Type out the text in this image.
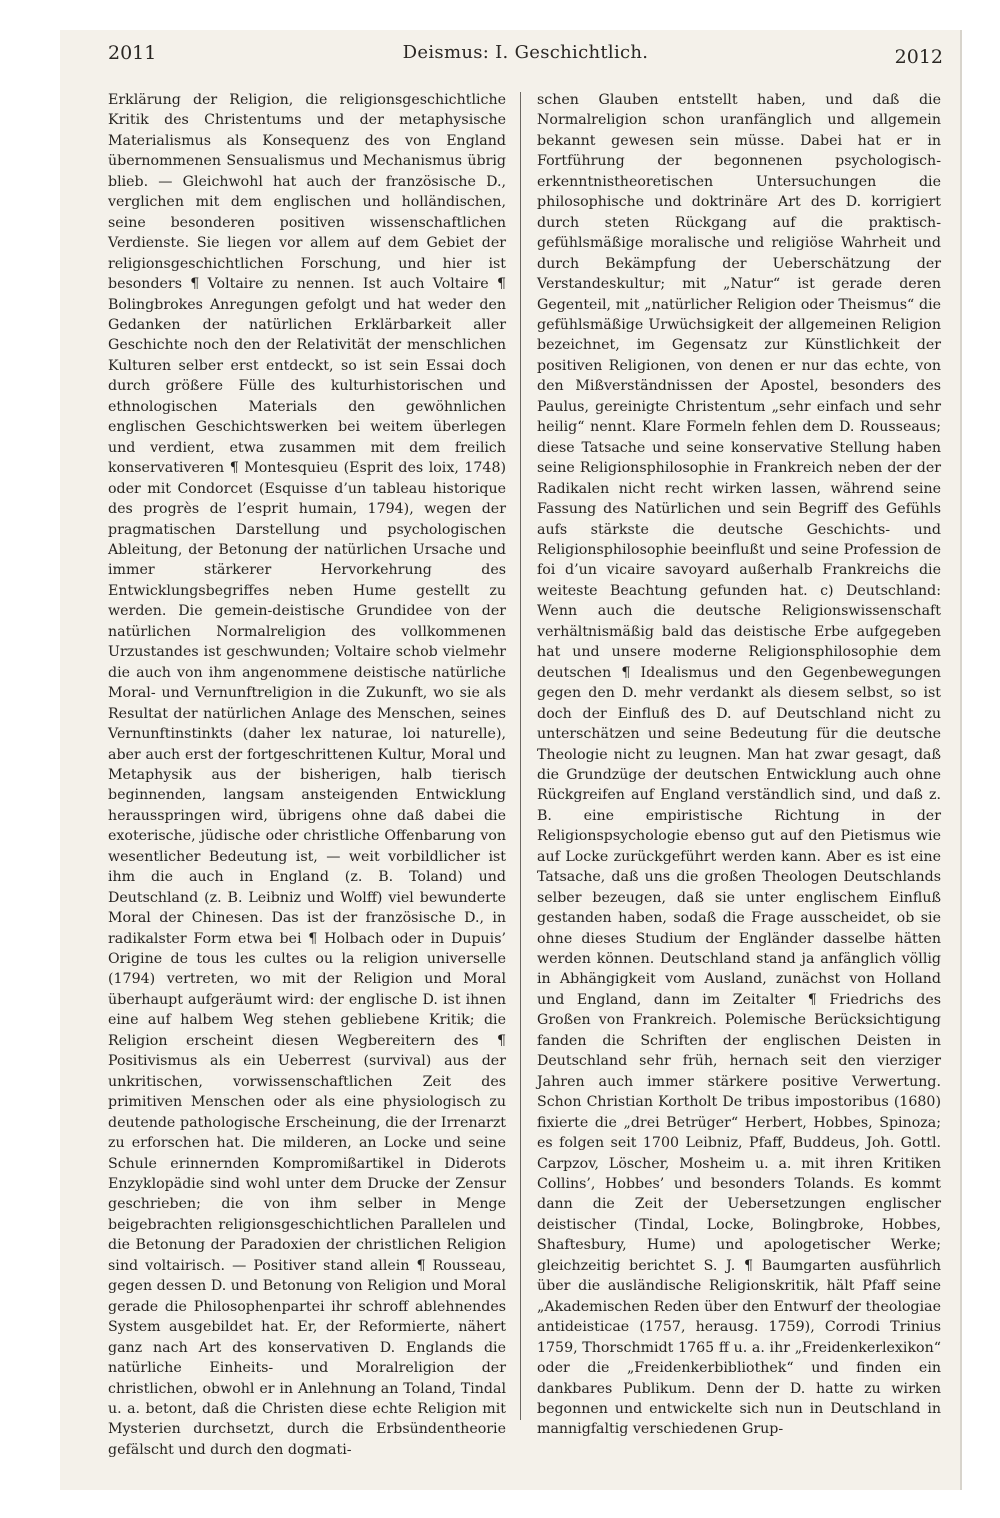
2011	Deismus: I. Geschichtlich.	2012

Erklärung der Religion, die religionsgeschichtliche Kritik des Christentums und der metaphysische Materialismus als Konsequenz des von England übernommenen Sensualismus und Mechanismus übrig blieb. — Gleichwohl hat auch der französische D., verglichen mit dem englischen und holländischen, seine besonderen positiven wissenschaftlichen Verdienste. Sie liegen vor allem auf dem Gebiet der religionsgeschichtlichen Forschung, und hier ist besonders ¶ Voltaire zu nennen. Ist auch Voltaire ¶ Bolingbrokes Anregungen gefolgt und hat weder den Gedanken der natürlichen Erklärbarkeit aller Geschichte noch den der Relativität der menschlichen Kulturen selber erst entdeckt, so ist sein Essai doch durch größere Fülle des kulturhistorischen und ethnologischen Materials den gewöhnlichen englischen Geschichtswerken bei weitem überlegen und verdient, etwa zusammen mit dem freilich konservativeren ¶ Montesquieu (Esprit des loix, 1748) oder mit Condorcet (Esquisse d’un tableau historique des progrès de l’esprit humain, 1794), wegen der pragmatischen Darstellung und psychologischen Ableitung, der Betonung der natürlichen Ursache und immer stärkerer Hervorkehrung des Entwicklungsbegriffes neben Hume gestellt zu werden. Die gemein-deistische Grundidee von der natürlichen Normalreligion des vollkommenen Urzustandes ist geschwunden; Voltaire schob vielmehr die auch von ihm angenommene deistische natürliche Moral- und Vernunftreligion in die Zukunft, wo sie als Resultat der natürlichen Anlage des Menschen, seines Vernunftinstinkts (daher lex naturae, loi naturelle), aber auch erst der fortgeschrittenen Kultur, Moral und Metaphysik aus der bisherigen, halb tierisch beginnenden, langsam ansteigenden Entwicklung herausspringen wird, übrigens ohne daß dabei die exoterische, jüdische oder christliche Offenbarung von wesentlicher Bedeutung ist, — weit vorbildlicher ist ihm die auch in England (z. B. Toland) und Deutschland (z. B. Leibniz und Wolff) viel bewunderte Moral der Chinesen. Das ist der französische D., in radikalster Form etwa bei ¶ Holbach oder in Dupuis’ Origine de tous les cultes ou la religion universelle (1794) vertreten, wo mit der Religion und Moral überhaupt aufgeräumt wird: der englische D. ist ihnen eine auf halbem Weg stehen gebliebene Kritik; die Religion erscheint diesen Wegbereitern des ¶ Positivismus als ein Ueberrest (survival) aus der unkritischen, vorwissenschaftlichen Zeit des primitiven Menschen oder als eine physiologisch zu deutende pathologische Erscheinung, die der Irrenarzt zu erforschen hat. Die milderen, an Locke und seine Schule erinnernden Kompromißartikel in Diderots Enzyklopädie sind wohl unter dem Drucke der Zensur geschrieben; die von ihm selber in Menge beigebrachten religionsgeschichtlichen Parallelen und die Betonung der Paradoxien der christlichen Religion sind voltairisch. — Positiver stand allein ¶ Rousseau, gegen dessen D. und Betonung von Religion und Moral gerade die Philosophenpartei ihr schroff ablehnendes System ausgebildet hat. Er, der Reformierte, nähert ganz nach Art des konservativen D. Englands die natürliche Einheits- und Moralreligion der christlichen, obwohl er in Anlehnung an Toland, Tindal u. a. betont, daß die Christen diese echte Religion mit Mysterien durchsetzt, durch die Erbsündentheorie gefälscht und durch den dogmati-

schen Glauben entstellt haben, und daß die Normalreligion schon uranfänglich und allgemein bekannt gewesen sein müsse. Dabei hat er in Fortführung der begonnenen psychologisch-erkenntnistheoretischen Untersuchungen die philosophische und doktrinäre Art des D. korrigiert durch steten Rückgang auf die praktisch-gefühlsmäßige moralische und religiöse Wahrheit und durch Bekämpfung der Ueberschätzung der Verstandeskultur; mit „Natur“ ist gerade deren Gegenteil, mit „natürlicher Religion oder Theismus“ die gefühlsmäßige Urwüchsigkeit der allgemeinen Religion bezeichnet, im Gegensatz zur Künstlichkeit der positiven Religionen, von denen er nur das echte, von den Mißverständnissen der Apostel, besonders des Paulus, gereinigte Christentum „sehr einfach und sehr heilig“ nennt. Klare Formeln fehlen dem D. Rousseaus; diese Tatsache und seine konservative Stellung haben seine Religionsphilosophie in Frankreich neben der der Radikalen nicht recht wirken lassen, während seine Fassung des Natürlichen und sein Begriff des Gefühls aufs stärkste die deutsche Geschichts- und Religionsphilosophie beeinflußt und seine Profession de foi d’un vicaire savoyard außerhalb Frankreichs die weiteste Beachtung gefunden hat. c) Deutschland: Wenn auch die deutsche Religionswissenschaft verhältnismäßig bald das deistische Erbe aufgegeben hat und unsere moderne Religionsphilosophie dem deutschen ¶ Idealismus und den Gegenbewegungen gegen den D. mehr verdankt als diesem selbst, so ist doch der Einfluß des D. auf Deutschland nicht zu unterschätzen und seine Bedeutung für die deutsche Theologie nicht zu leugnen. Man hat zwar gesagt, daß die Grundzüge der deutschen Entwicklung auch ohne Rückgreifen auf England verständlich sind, und daß z. B. eine empiristische Richtung in der Religionspsychologie ebenso gut auf den Pietismus wie auf Locke zurückgeführt werden kann. Aber es ist eine Tatsache, daß uns die großen Theologen Deutschlands selber bezeugen, daß sie unter englischem Einfluß gestanden haben, sodaß die Frage ausscheidet, ob sie ohne dieses Studium der Engländer dasselbe hätten werden können. Deutschland stand ja anfänglich völlig in Abhängigkeit vom Ausland, zunächst von Holland und England, dann im Zeitalter ¶ Friedrichs des Großen von Frankreich. Polemische Berücksichtigung fanden die Schriften der englischen Deisten in Deutschland sehr früh, hernach seit den vierziger Jahren auch immer stärkere positive Verwertung. Schon Christian Kortholt De tribus impostoribus (1680) fixierte die „drei Betrüger“ Herbert, Hobbes, Spinoza; es folgen seit 1700 Leibniz, Pfaff, Buddeus, Joh. Gottl. Carpzov, Löscher, Mosheim u. a. mit ihren Kritiken Collins’, Hobbes’ und besonders Tolands. Es kommt dann die Zeit der Uebersetzungen englischer deistischer (Tindal, Locke, Bolingbroke, Hobbes, Shaftesbury, Hume) und apologetischer Werke; gleichzeitig berichtet S. J. ¶ Baumgarten ausführlich über die ausländische Religionskritik, hält Pfaff seine „Akademischen Reden über den Entwurf der theologiae antideisticae (1757, herausg. 1759), Corrodi Trinius 1759, Thorschmidt 1765 ff u. a. ihr „Freidenkerlexikon“ oder die „Freidenkerbibliothek“ und finden ein dankbares Publikum. Denn der D. hatte zu wirken begonnen und entwickelte sich nun in Deutschland in mannigfaltig verschiedenen Grup-
